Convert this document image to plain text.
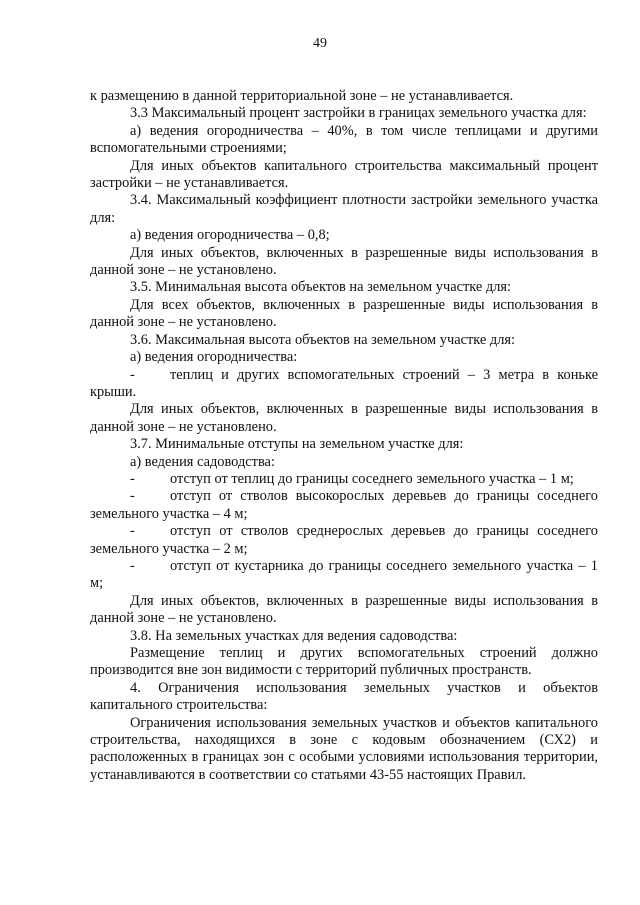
49

к размещению в данной территориальной зоне – не устанавливается.

3.3 Максимальный процент застройки в границах земельного участка для:

а) ведения огородничества – 40%, в том числе теплицами и другими вспомогательными строениями;

Для иных объектов капитального строительства максимальный процент застройки – не устанавливается.

3.4. Максимальный коэффициент плотности застройки земельного участка для:

а) ведения огородничества – 0,8;

Для иных объектов, включенных в разрешенные виды использования в данной зоне – не установлено.

3.5. Минимальная высота объектов на земельном участке для:

Для всех объектов, включенных в разрешенные виды использования в данной зоне – не установлено.

3.6. Максимальная высота объектов на земельном участке для:

а) ведения огородничества:

- теплиц и других вспомогательных строений – 3 метра в коньке крыши.

Для иных объектов, включенных в разрешенные виды использования в данной зоне – не установлено.

3.7. Минимальные отступы на земельном участке для:

а) ведения садоводства:

- отступ от теплиц до границы соседнего земельного участка – 1 м;

- отступ от стволов высокорослых деревьев до границы соседнего земельного участка – 4 м;

- отступ от стволов среднерослых деревьев до границы соседнего земельного участка – 2 м;

- отступ от кустарника до границы соседнего земельного участка – 1 м;

Для иных объектов, включенных в разрешенные виды использования в данной зоне – не установлено.

3.8. На земельных участках для ведения садоводства:

Размещение теплиц и других вспомогательных строений должно производится вне зон видимости с территорий публичных пространств.

4. Ограничения использования земельных участков и объектов капитального строительства:

Ограничения использования земельных участков и объектов капитального строительства, находящихся в зоне с кодовым обозначением (СХ2) и расположенных в границах зон с особыми условиями использования территории, устанавливаются в соответствии со статьями 43-55 настоящих Правил.
